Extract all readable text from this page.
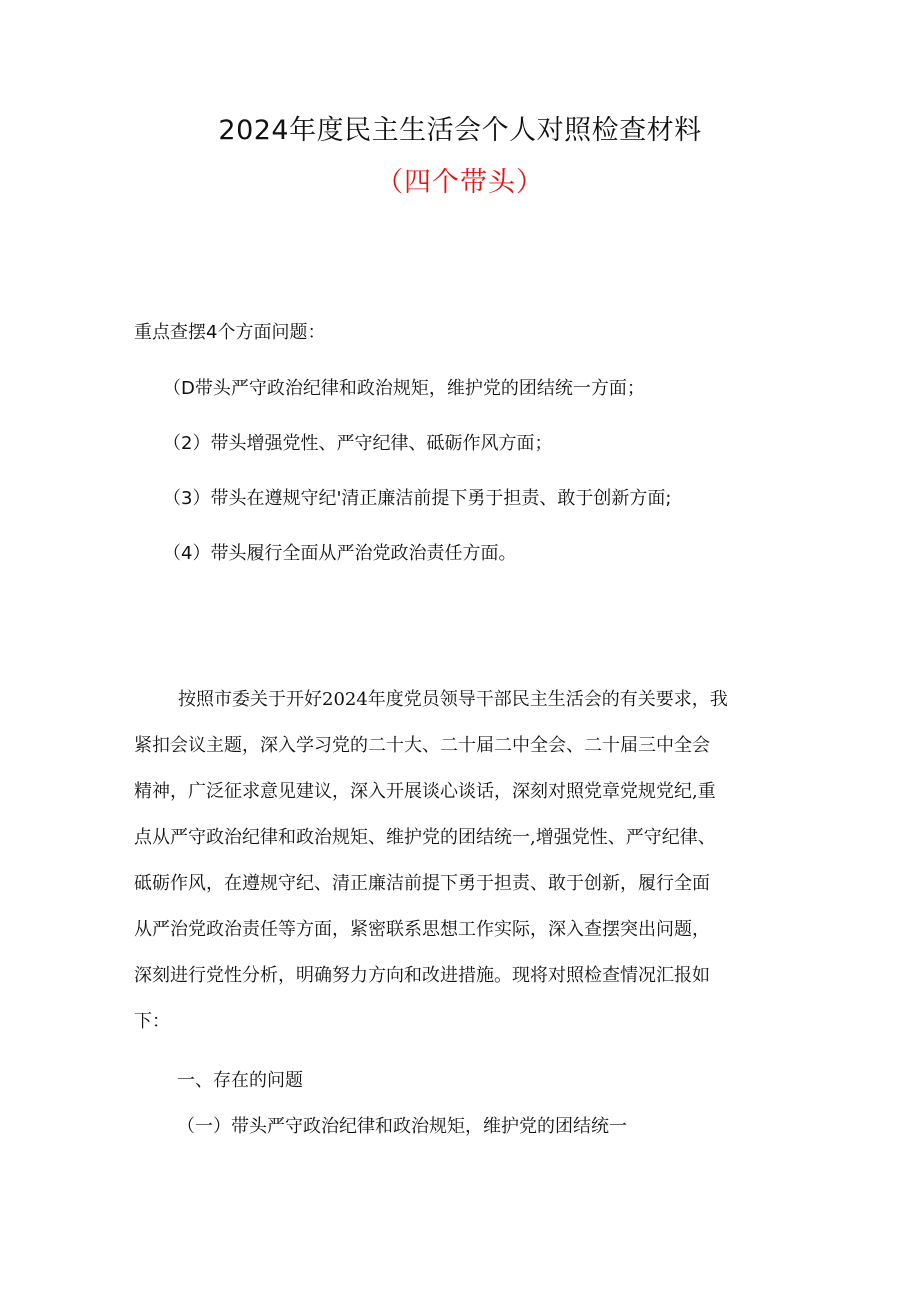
2024年度民主生活会个人对照检查材料
（四个带头）
重点查摆4个方面问题：
（D带头严守政治纪律和政治规矩，维护党的团结统一方面；
（2）带头增强党性、严守纪律、砥砺作风方面；
（3）带头在遵规守纪'清正廉洁前提下勇于担责、敢于创新方面;
（4）带头履行全面从严治党政治责任方面。
按照市委关于开好2024年度党员领导干部民主生活会的有关要求，我
紧扣会议主题，深入学习党的二十大、二十届二中全会、二十届三中全会
精神，广泛征求意见建议，深入开展谈心谈话，深刻对照党章党规党纪,重
点从严守政治纪律和政治规矩、维护党的团结统一,增强党性、严守纪律、
砥砺作风，在遵规守纪、清正廉洁前提下勇于担责、敢于创新，履行全面
从严治党政治责任等方面，紧密联系思想工作实际，深入查摆突出问题，
深刻进行党性分析，明确努力方向和改进措施。现将对照检查情况汇报如
下：
一、存在的问题
（一）带头严守政治纪律和政治规矩，维护党的团结统一
